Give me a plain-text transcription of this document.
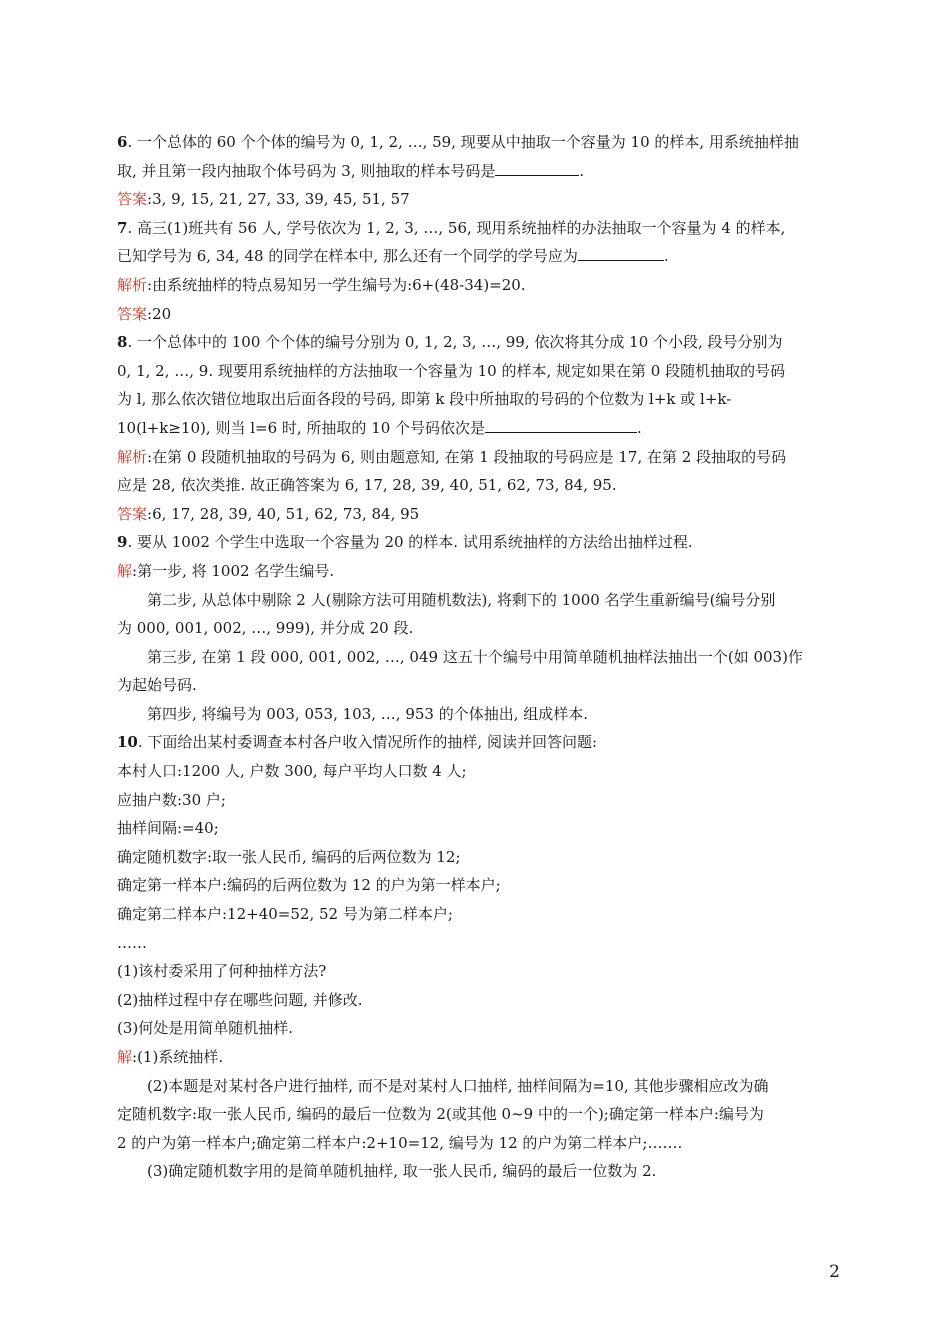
6. 一个总体的 60 个个体的编号为 0, 1, 2, …, 59, 现要从中抽取一个容量为 10 的样本, 用系统抽样抽
取, 并且第一段内抽取个体号码为 3, 则抽取的样本号码是	.
答案:3, 9, 15, 21, 27, 33, 39, 45, 51, 57
7. 高三(1)班共有 56 人, 学号依次为 1, 2, 3, …, 56, 现用系统抽样的办法抽取一个容量为 4 的样本,
已知学号为 6, 34, 48 的同学在样本中, 那么还有一个同学的学号应为	.
解析:由系统抽样的特点易知另一学生编号为:6+(48-34)=20.
答案:20
8. 一个总体中的 100 个个体的编号分别为 0, 1, 2, 3, …, 99, 依次将其分成 10 个小段, 段号分别为
0, 1, 2, …, 9. 现要用系统抽样的方法抽取一个容量为 10 的样本, 规定如果在第 0 段随机抽取的号码
为 l, 那么依次错位地取出后面各段的号码, 即第 k 段中所抽取的号码的个位数为 l+k 或 l+k-
10(l+k≥10), 则当 l=6 时, 所抽取的 10 个号码依次是	.
解析:在第 0 段随机抽取的号码为 6, 则由题意知, 在第 1 段抽取的号码应是 17, 在第 2 段抽取的号码
应是 28, 依次类推. 故正确答案为 6, 17, 28, 39, 40, 51, 62, 73, 84, 95.
答案:6, 17, 28, 39, 40, 51, 62, 73, 84, 95
9. 要从 1002 个学生中选取一个容量为 20 的样本. 试用系统抽样的方法给出抽样过程.
解:第一步, 将 1002 名学生编号.
第二步, 从总体中剔除 2 人(剔除方法可用随机数法), 将剩下的 1000 名学生重新编号(编号分别
为 000, 001, 002, …, 999), 并分成 20 段.
第三步, 在第 1 段 000, 001, 002, …, 049 这五十个编号中用简单随机抽样法抽出一个(如 003)作
为起始号码.
第四步, 将编号为 003, 053, 103, …, 953 的个体抽出, 组成样本.
10. 下面给出某村委调查本村各户收入情况所作的抽样, 阅读并回答问题:
本村人口:1200 人, 户数 300, 每户平均人口数 4 人;
应抽户数:30 户;
抽样间隔:=40;
确定随机数字:取一张人民币, 编码的后两位数为 12;
确定第一样本户:编码的后两位数为 12 的户为第一样本户;
确定第二样本户:12+40=52, 52 号为第二样本户;
……
(1)该村委采用了何种抽样方法?
(2)抽样过程中存在哪些问题, 并修改.
(3)何处是用简单随机抽样.
解:(1)系统抽样.
(2)本题是对某村各户进行抽样, 而不是对某村人口抽样, 抽样间隔为=10, 其他步骤相应改为确
定随机数字:取一张人民币, 编码的最后一位数为 2(或其他 0~9 中的一个);确定第一样本户:编号为
2 的户为第一样本户;确定第二样本户:2+10=12, 编号为 12 的户为第二样本户;…….
(3)确定随机数字用的是简单随机抽样, 取一张人民币, 编码的最后一位数为 2.
2
